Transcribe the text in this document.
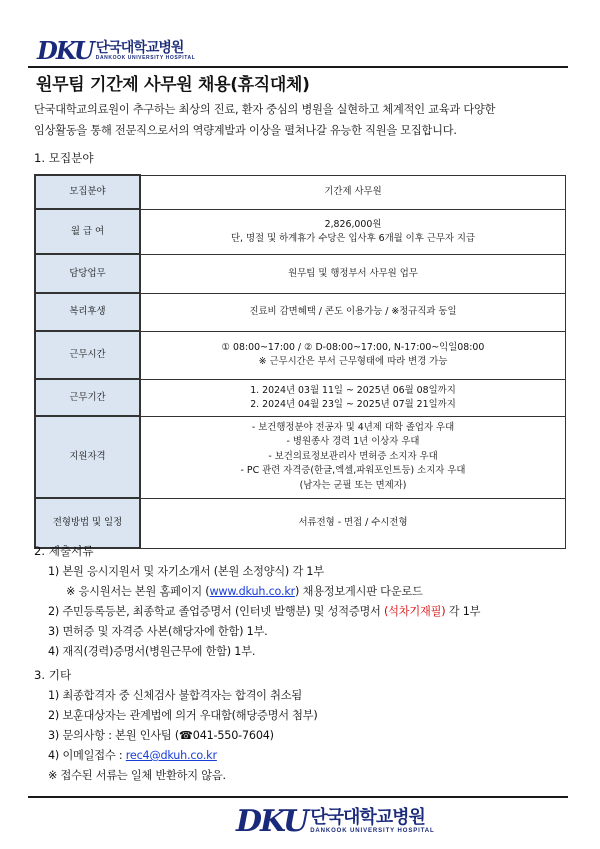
DKU 단국대학교병원
DANKOOK UNIVERSITY HOSPITAL
원무팀 기간제 사무원 채용(휴직대체)
단국대학교의료원이 추구하는 최상의 진료, 환자 중심의 병원을 실현하고 체계적인 교육과 다양한
임상활동을 통해 전문직으로서의 역량계발과 이상을 펼쳐나갈 유능한 직원을 모집합니다.
1. 모집분야
모집분야	기간제 사무원
월 급 여	2,826,000원
단, 명절 및 하계휴가 수당은 입사후 6개월 이후 근무자 지급

담당업무	원무팀 및 행정부서 사무원 업무
복리후생	진료비 감면혜택 / 콘도 이용가능 / ※정규직과 동일
근무시간	① 08:00~17:00 / ② D-08:00~17:00, N-17:00~익일08:00
※ 근무시간은 부서 근무형태에 따라 변경 가능

근무기간	1. 2024년 03월 11일 ~ 2025년 06월 08일까지
2. 2024년 04월 23일 ~ 2025년 07월 21일까지

지원자격	- 보건행정분야 전공자 및 4년제 대학 졸업자 우대
- 병원종사 경력 1년 이상자 우대
- 보건의료정보관리사 면허증 소지자 우대
- PC 관련 자격증(한글,엑셀,파워포인트등) 소지자 우대
(남자는 군필 또는 면제자)

전형방법 및 일정	서류전형 - 면접 / 수시전형
2. 제출서류
1) 본원 응시지원서 및 자기소개서 (본원 소정양식) 각 1부
※ 응시원서는 본원 홈페이지 (www.dkuh.co.kr) 채용정보게시판 다운로드
2) 주민등록등본, 최종학교 졸업증명서 (인터넷 발행분) 및 성적증명서 (석차기재필) 각 1부
3) 면허증 및 자격증 사본(해당자에 한함) 1부.
4) 재직(경력)증명서(병원근무에 한함) 1부.
3. 기타
1) 최종합격자 중 신체검사 불합격자는 합격이 취소됨
2) 보훈대상자는 관계법에 의거 우대함(해당증명서 첨부)
3) 문의사항 : 본원 인사팀 (☎041-550-7604)
4) 이메일접수 : rec4@dkuh.co.kr
※ 접수된 서류는 일체 반환하지 않음.
DKU 단국대학교병원
DANKOOK UNIVERSITY HOSPITAL
